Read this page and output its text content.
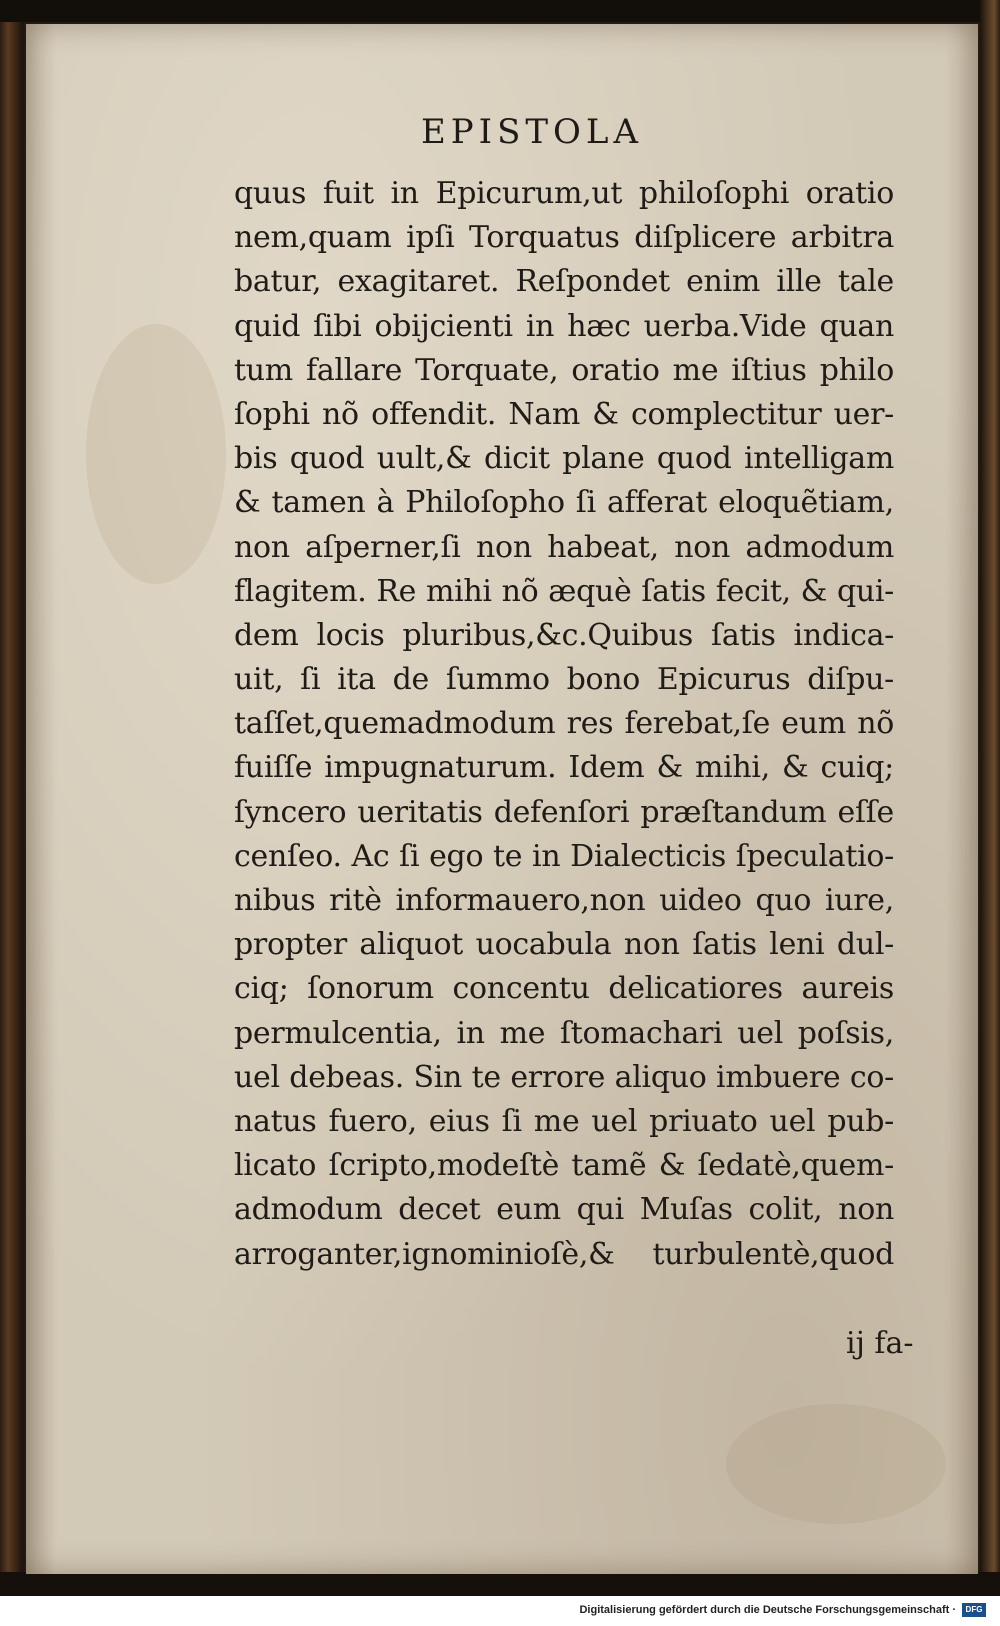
EPISTOLA
quus fuit in Epicurum,ut philoſophi oratio
nem,quam ipſi Torquatus diſplicere arbitra
batur, exagitaret. Reſpondet enim ille tale
quid ſibi obijcienti in hæc uerba.Vide quan
tum fallare Torquate, oratio me iſtius philo
ſophi nõ offendit. Nam & complectitur uer-
bis quod uult,& dicit plane quod intelligam
& tamen à Philoſopho ſi afferat eloquẽtiam,
non aſperner,ſi non habeat, non admodum
flagitem. Re mihi nõ æquè ſatis fecit, & qui-
dem locis pluribus,&c.Quibus ſatis indica-
uit, ſi ita de ſummo bono Epicurus diſpu-
taſſet,quemadmodum res ferebat,ſe eum nõ
fuiſſe impugnaturum. Idem & mihi, & cuiq;
ſyncero ueritatis defenſori præſtandum eſſe
cenſeo. Ac ſi ego te in Dialecticis ſpeculatio-
nibus ritè informauero,non uideo quo iure,
propter aliquot uocabula non ſatis leni dul-
ciq; ſonorum concentu delicatiores aureis
permulcentia, in me ſtomachari uel poſsis,
uel debeas. Sin te errore aliquo imbuere co-
natus fuero, eius ſi me uel priuato uel pub-
licato ſcripto,modeſtè tamẽ & ſedatè,quem-
admodum decet eum qui Muſas colit, non
arroganter,ignominioſè,& turbulentè,quod
ij fa-
Digitalisierung gefördert durch die Deutsche Forschungsgemeinschaft ·	DFG
